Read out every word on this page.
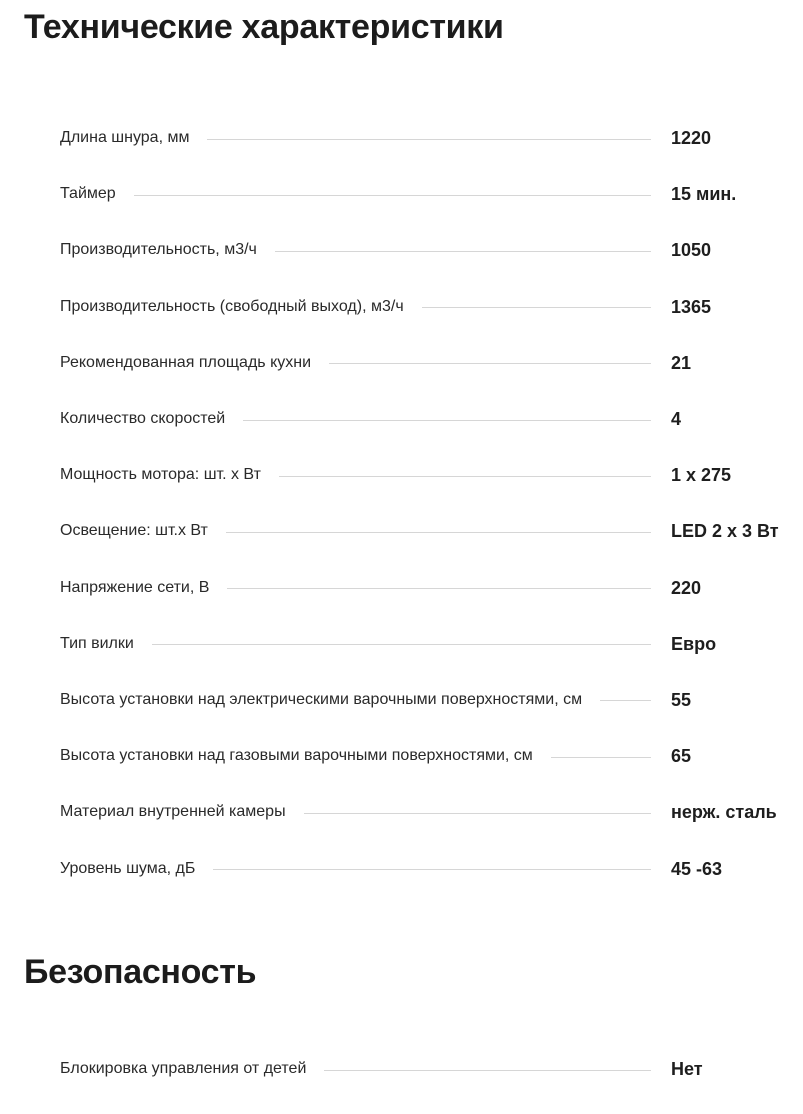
Технические характеристики
Длина шнура, мм	1220
Таймер	15 мин.
Производительность, м3/ч	1050
Производительность (свободный выход), м3/ч	1365
Рекомендованная площадь кухни	21
Количество скоростей	4
Мощность мотора: шт. x Вт	1 x 275
Освещение: шт.x Вт	LED 2 x 3 Вт
Напряжение сети, В	220
Тип вилки	Евро
Высота установки над электрическими варочными поверхностями, см	55
Высота установки над газовыми варочными поверхностями, см	65
Материал внутренней камеры	нерж. сталь
Уровень шума, дБ	45 -63
Безопасность
Блокировка управления от детей	Нет
